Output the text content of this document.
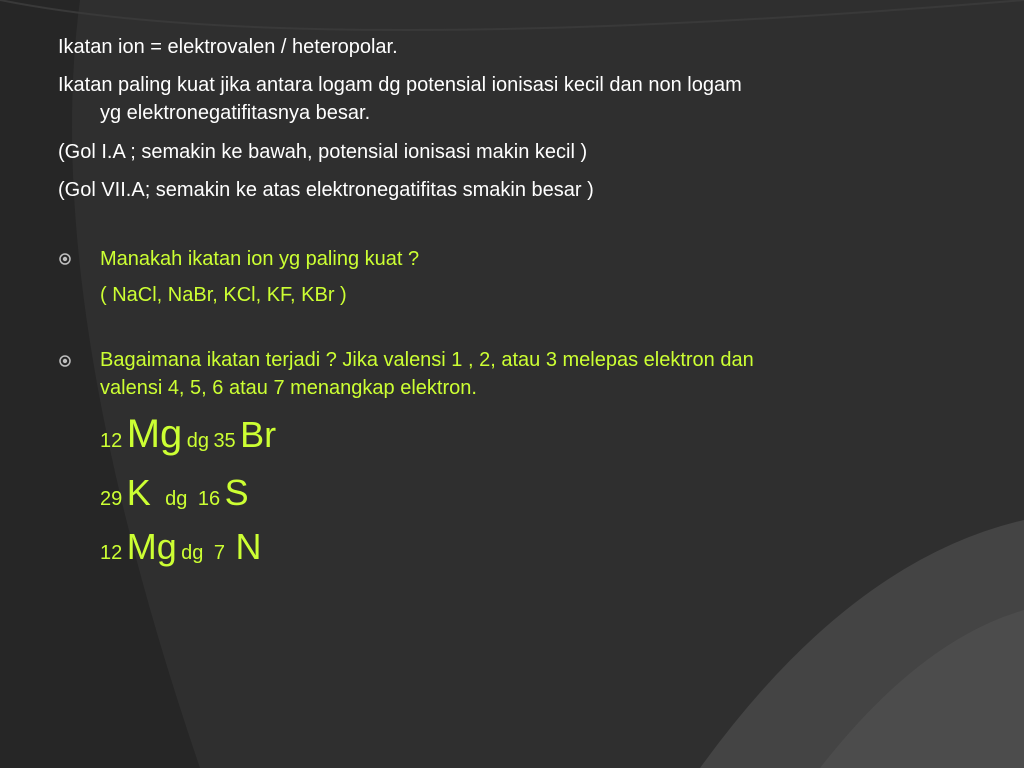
Ikatan ion = elektrovalen / heteropolar.
Ikatan paling kuat jika antara logam dg potensial ionisasi kecil dan non logam
yg elektronegatifitasnya besar.
(Gol I.A ; semakin ke bawah, potensial ionisasi makin kecil )
(Gol VII.A; semakin ke atas elektronegatifitas smakin besar )
Manakah ikatan ion yg paling kuat ?
( NaCl, NaBr, KCl, KF, KBr )
Bagaimana ikatan terjadi ? Jika valensi 1 , 2, atau 3 melepas elektron dan
valensi 4, 5, 6 atau 7 menangkap elektron.
12 Mg dg 35 Br
29 K dg 16 S
12 Mg dg 7 N
